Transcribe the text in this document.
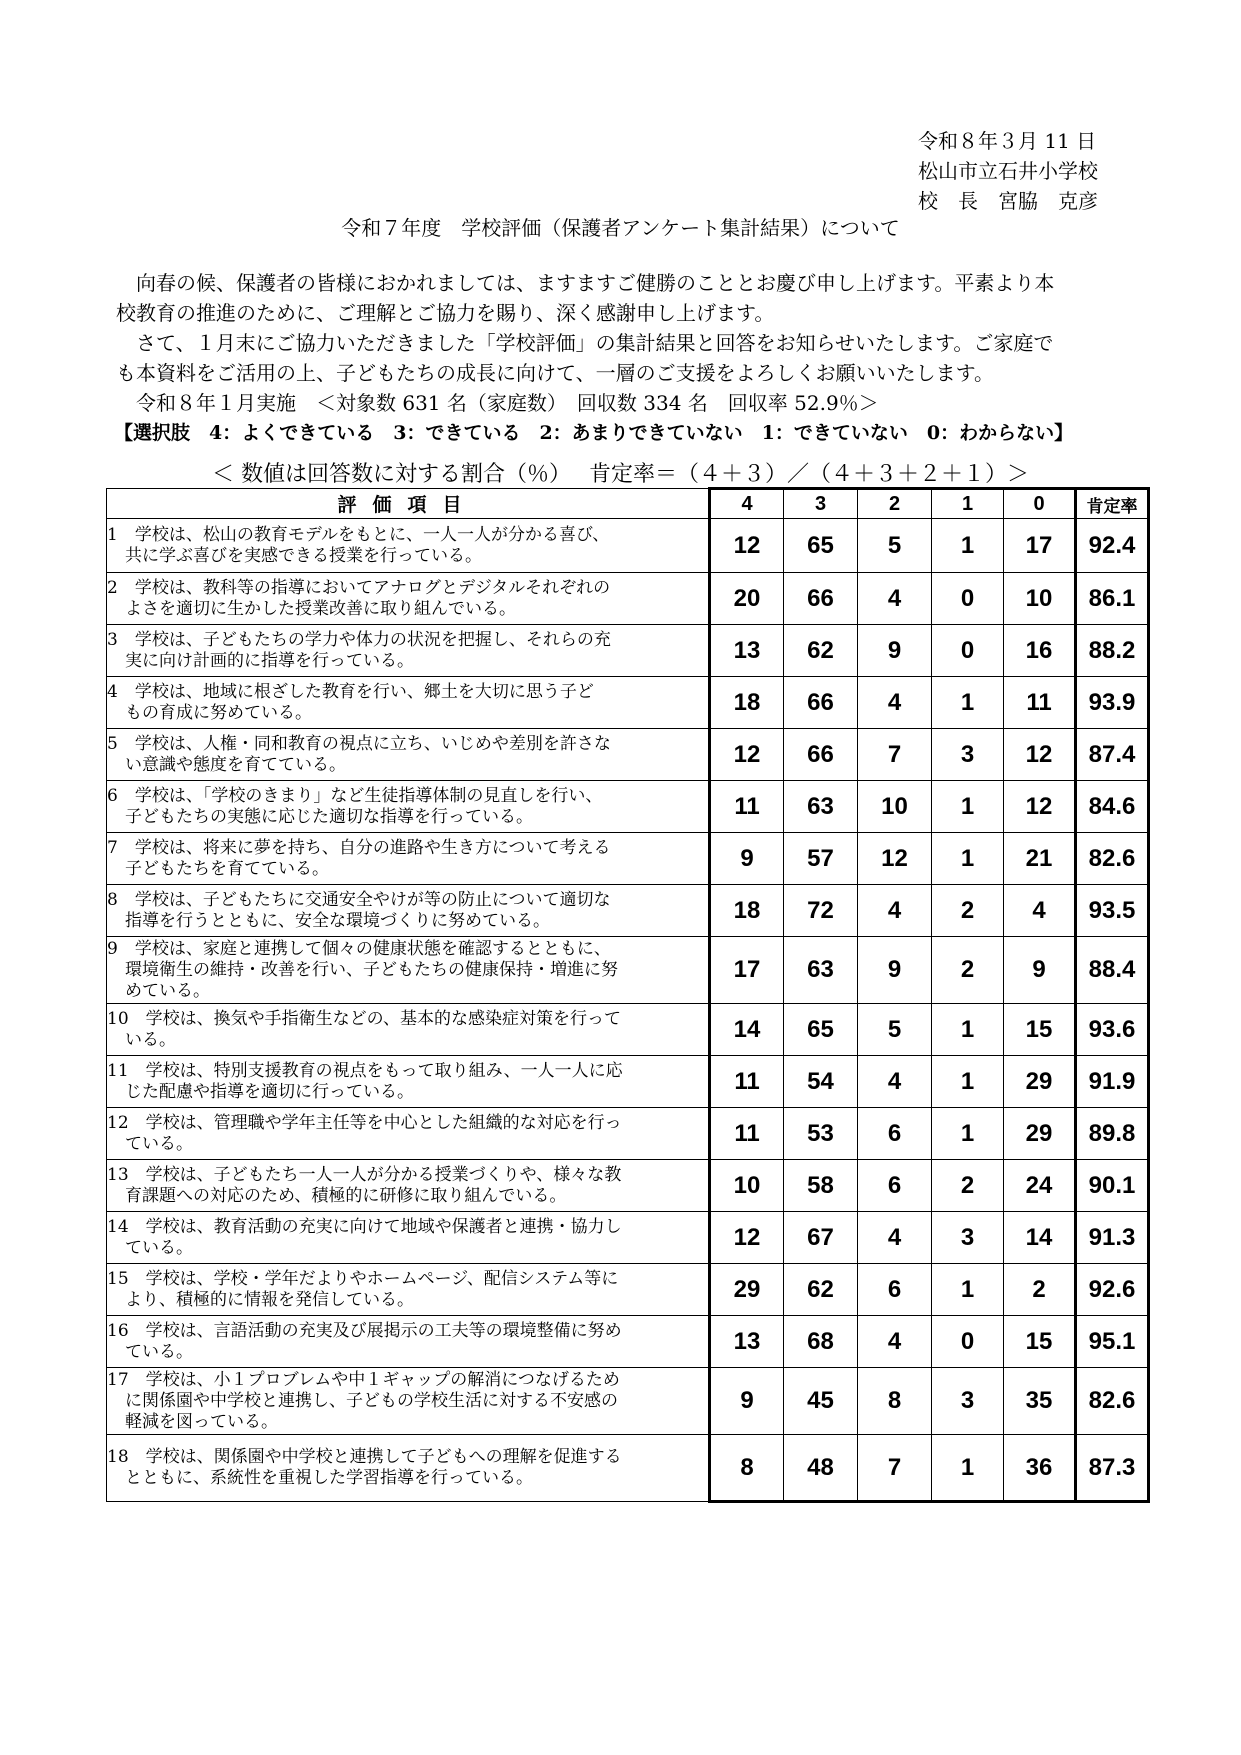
令和８年３月 11 日
松山市立石井小学校
校　長　宮脇　克彦
令和７年度　学校評価（保護者アンケート集計結果）について

向春の候、保護者の皆様におかれましては、ますますご健勝のこととお慶び申し上げます。平素より本

校教育の推進のために、ご理解とご協力を賜り、深く感謝申し上げます。

さて、１月末にご協力いただきました「学校評価」の集計結果と回答をお知らせいたします。ご家庭で

も本資料をご活用の上、子どもたちの成長に向けて、一層のご支援をよろしくお願いいたします。

令和８年１月実施　＜対象数 631 名（家庭数）　回収数 334 名　回収率 52.9％＞

【選択肢　4：よくできている　3：できている　2：あまりできていない　1：できていない　0：わからない】
＜ 数値は回答数に対する割合（％）　 肯定率＝（４＋３）／（４＋３＋２＋１）＞
評価項目	4	3	2	1	0	肯定率

1　学校は、松山の教育モデルをもとに、一人一人が分かる喜び、
共に学ぶ喜びを実感できる授業を行っている。	12	65	5	1	17	92.4

2　学校は、教科等の指導においてアナログとデジタルそれぞれの
よさを適切に生かした授業改善に取り組んでいる。	20	66	4	0	10	86.1

3　学校は、子どもたちの学力や体力の状況を把握し、それらの充
実に向け計画的に指導を行っている。	13	62	9	0	16	88.2

4　学校は、地域に根ざした教育を行い、郷土を大切に思う子ど
もの育成に努めている。	18	66	4	1	11	93.9

5　学校は、人権・同和教育の視点に立ち、いじめや差別を許さな
い意識や態度を育てている。	12	66	7	3	12	87.4

6　学校は、「学校のきまり」など生徒指導体制の見直しを行い、
子どもたちの実態に応じた適切な指導を行っている。	11	63	10	1	12	84.6

7　学校は、将来に夢を持ち、自分の進路や生き方について考える
子どもたちを育てている。	9	57	12	1	21	82.6

8　学校は、子どもたちに交通安全やけが等の防止について適切な
指導を行うとともに、安全な環境づくりに努めている。	18	72	4	2	4	93.5

9　学校は、家庭と連携して個々の健康状態を確認するとともに、
環境衛生の維持・改善を行い、子どもたちの健康保持・増進に努
めている。	17	63	9	2	9	88.4

10　学校は、換気や手指衛生などの、基本的な感染症対策を行って
いる。	14	65	5	1	15	93.6

11　学校は、特別支援教育の視点をもって取り組み、一人一人に応
じた配慮や指導を適切に行っている。	11	54	4	1	29	91.9

12　学校は、管理職や学年主任等を中心とした組織的な対応を行っ
ている。	11	53	6	1	29	89.8

13　学校は、子どもたち一人一人が分かる授業づくりや、様々な教
育課題への対応のため、積極的に研修に取り組んでいる。	10	58	6	2	24	90.1

14　学校は、教育活動の充実に向けて地域や保護者と連携・協力し
ている。	12	67	4	3	14	91.3

15　学校は、学校・学年だよりやホームページ、配信システム等に
より、積極的に情報を発信している。	29	62	6	1	2	92.6

16　学校は、言語活動の充実及び展掲示の工夫等の環境整備に努め
ている。	13	68	4	0	15	95.1

17　学校は、小１プロブレムや中１ギャップの解消につなげるため
に関係園や中学校と連携し、子どもの学校生活に対する不安感の
軽減を図っている。	9	45	8	3	35	82.6

18　学校は、関係園や中学校と連携して子どもへの理解を促進する
とともに、系統性を重視した学習指導を行っている。	8	48	7	1	36	87.3
